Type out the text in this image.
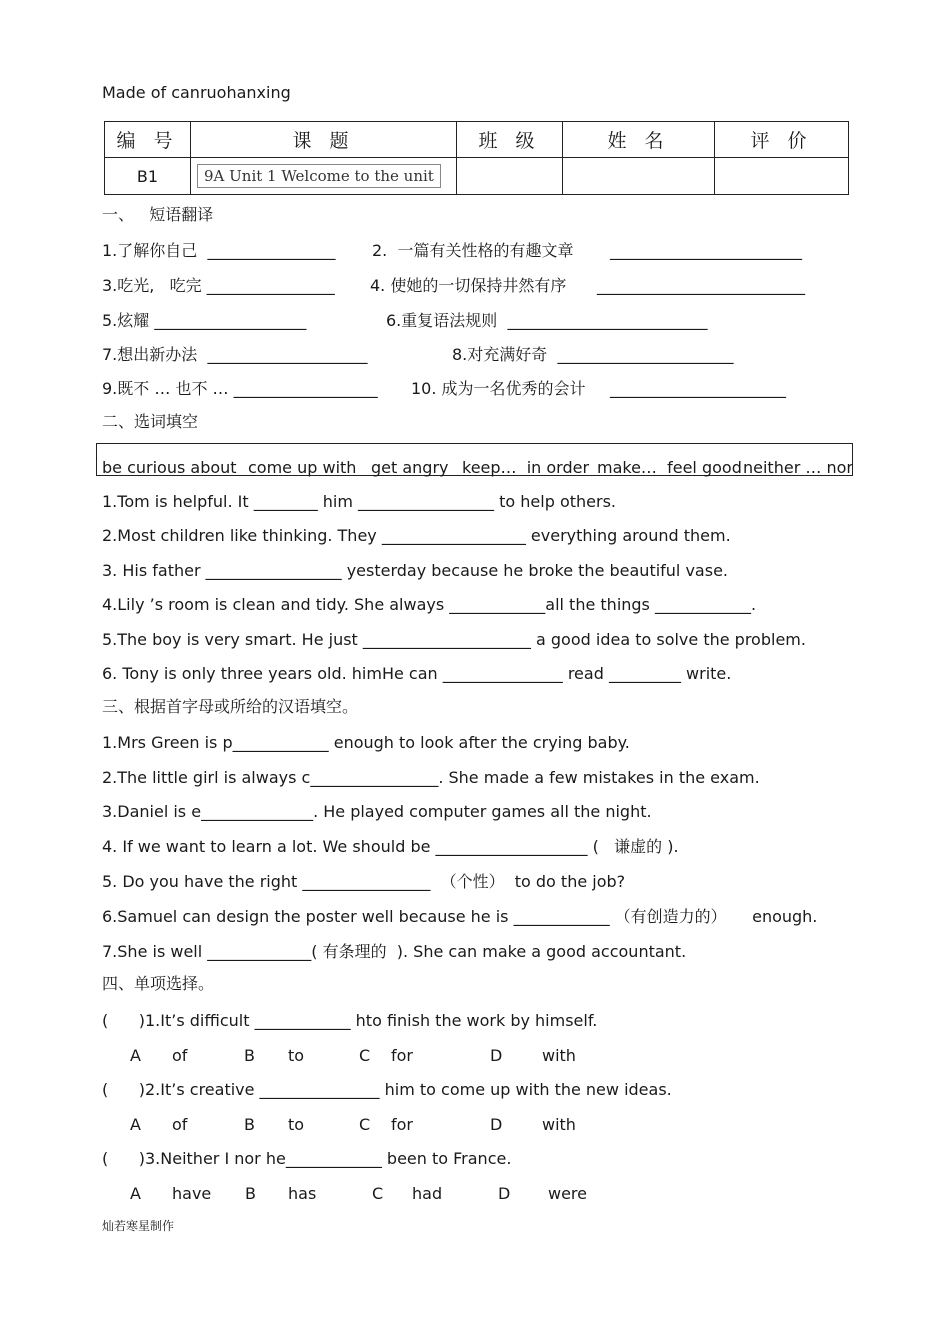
Made of canruohanxing
编 号	课 题	班 级	姓 名	评 价
B1	9A Unit 1 Welcome to the unit			
一、   短语翻译
1.了解你自己  ________________ 2.  一篇有关性格的有趣文章 ________________________
3.吃光,   吃完 ________________ 4. 使她的一切保持井然有序 __________________________
5.炫耀 ___________________	6.重复语法规则  _________________________
7.想出新办法  ____________________	8.对充满好奇  ______________________
9.既不 … 也不 … __________________ 10. 成为一名优秀的会计 ______________________
二、选词填空
be curious about come up with get angry keep…  in order make…  feel good neither … nor
1.Tom is helpful. It ________ him _________________ to help others.
2.Most children like thinking. They __________________ everything around them.
3. His father _________________ yesterday because he broke the beautiful vase.
4.Lily ’s room is clean and tidy. She always ____________all the things ____________.
5.The boy is very smart. He just _____________________ a good idea to solve the problem.
6. Tony is only three years old. himHe can _______________ read _________ write.
三、根据首字母或所给的汉语填空。
1.Mrs Green is p____________ enough to look after the crying baby.
2.The little girl is always c________________. She made a few mistakes in the exam.
3.Daniel is e______________. He played computer games all the night.
4. If we want to learn a lot. We should be ___________________ (   谦虚的 ).
5. Do you have the right ________________  （个性）  to do the job?
6.Samuel can design the poster well because he is ____________ （有创造力的）     enough.
7.She is well _____________( 有条理的  ). She can make a good accountant.
四、单项选择。
(      )1.It’s difficult ____________ hto finish the work by himself.
A of	B to	C for	D with
(      )2.It’s creative _______________ him to come up with the new ideas.
A of	B to	C for	D with
(      )3.Neither I nor he____________ been to France.
A have B has	C had	D were
灿若寒星制作
